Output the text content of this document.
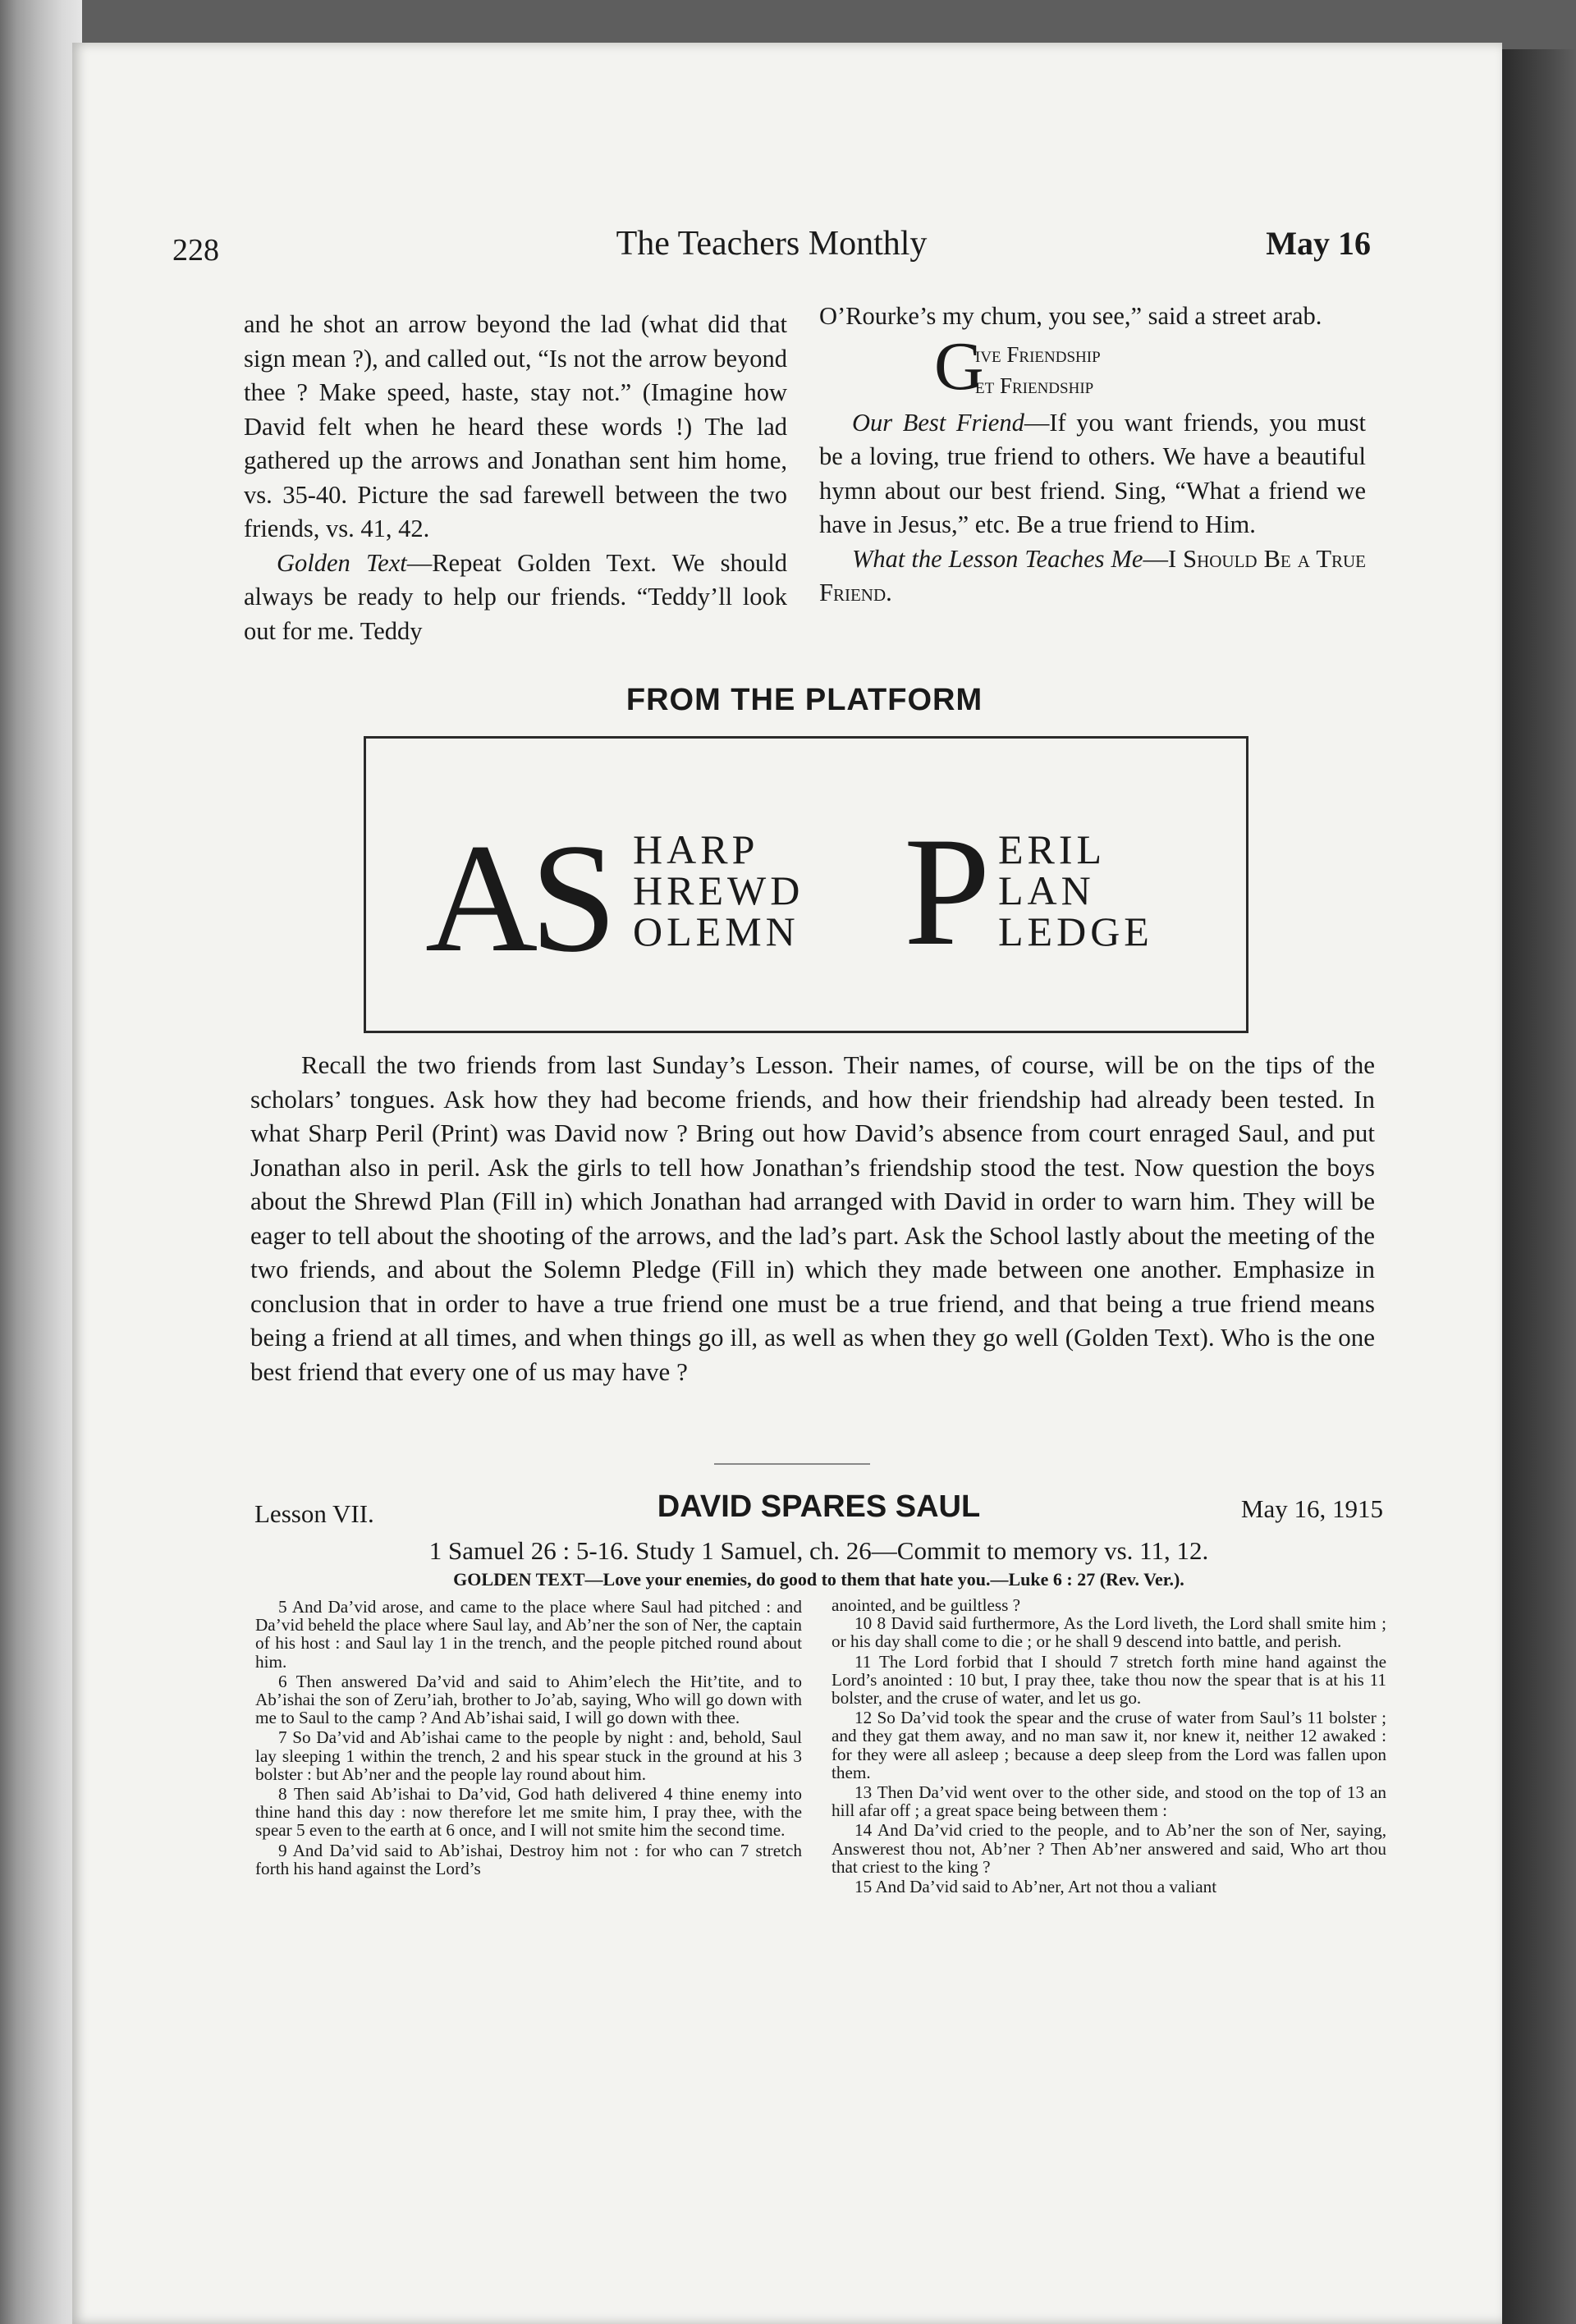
228	The Teachers Monthly	May 16

and he shot an arrow beyond the lad (what did that sign mean ?), and called out, “Is not the arrow beyond thee ? Make speed, haste, stay not.” (Imagine how David felt when he heard these words !) The lad gathered up the arrows and Jonathan sent him home, vs. 35-40. Picture the sad farewell between the two friends, vs. 41, 42.

Golden Text—Repeat Golden Text. We should always be ready to help our friends. “Teddy’ll look out for me. Teddy

O’Rourke’s my chum, you see,” said a street arab.

G
ive Friendship
et Friendship

Our Best Friend—If you want friends, you must be a loving, true friend to others. We have a beautiful hymn about our best friend. Sing, “What a friend we have in Jesus,” etc. Be a true friend to Him.

What the Lesson Teaches Me—I Should Be a True Friend.

FROM THE PLATFORM
A
S HARP
HREWD
OLEMN P ERIL
LAN
LEDGE

Recall the two friends from last Sunday’s Lesson. Their names, of course, will be on the tips of the scholars’ tongues. Ask how they had become friends, and how their friendship had already been tested. In what Sharp Peril (Print) was David now ? Bring out how David’s absence from court enraged Saul, and put Jonathan also in peril. Ask the girls to tell how Jonathan’s friendship stood the test. Now question the boys about the Shrewd Plan (Fill in) which Jonathan had arranged with David in order to warn him. They will be eager to tell about the shooting of the arrows, and the lad’s part. Ask the School lastly about the meeting of the two friends, and about the Solemn Pledge (Fill in) which they made between one another. Emphasize in conclusion that in order to have a true friend one must be a true friend, and that being a true friend means being a friend at all times, and when things go ill, as well as when they go well (Golden Text). Who is the one best friend that every one of us may have ?

Lesson VII.	DAVID SPARES SAUL	May 16, 1915
1 Samuel 26 : 5-16. Study 1 Samuel, ch. 26—Commit to memory vs. 11, 12.
GOLDEN TEXT—Love your enemies, do good to them that hate you.—Luke 6 : 27 (Rev. Ver.).

5 And Da’vid arose, and came to the place where Saul had pitched : and Da’vid beheld the place where Saul lay, and Ab’ner the son of Ner, the captain of his host : and Saul lay 1 in the trench, and the people pitched round about him.

6 Then answered Da’vid and said to Ahim’elech the Hit’tite, and to Ab’ishai the son of Zeru’iah, brother to Jo’ab, saying, Who will go down with me to Saul to the camp ? And Ab’ishai said, I will go down with thee.

7 So Da’vid and Ab’ishai came to the people by night : and, behold, Saul lay sleeping 1 within the trench, 2 and his spear stuck in the ground at his 3 bolster : but Ab’ner and the people lay round about him.

8 Then said Ab’ishai to Da’vid, God hath delivered 4 thine enemy into thine hand this day : now therefore let me smite him, I pray thee, with the spear 5 even to the earth at 6 once, and I will not smite him the second time.

9 And Da’vid said to Ab’ishai, Destroy him not : for who can 7 stretch forth his hand against the Lord’s

anointed, and be guiltless ?

10 8 David said furthermore, As the Lord liveth, the Lord shall smite him ; or his day shall come to die ; or he shall 9 descend into battle, and perish.

11 The Lord forbid that I should 7 stretch forth mine hand against the Lord’s anointed : 10 but, I pray thee, take thou now the spear that is at his 11 bolster, and the cruse of water, and let us go.

12 So Da’vid took the spear and the cruse of water from Saul’s 11 bolster ; and they gat them away, and no man saw it, nor knew it, neither 12 awaked : for they were all asleep ; because a deep sleep from the Lord was fallen upon them.

13 Then Da’vid went over to the other side, and stood on the top of 13 an hill afar off ; a great space being between them :

14 And Da’vid cried to the people, and to Ab’ner the son of Ner, saying, Answerest thou not, Ab’ner ? Then Ab’ner answered and said, Who art thou that criest to the king ?

15 And Da’vid said to Ab’ner, Art not thou a valiant
